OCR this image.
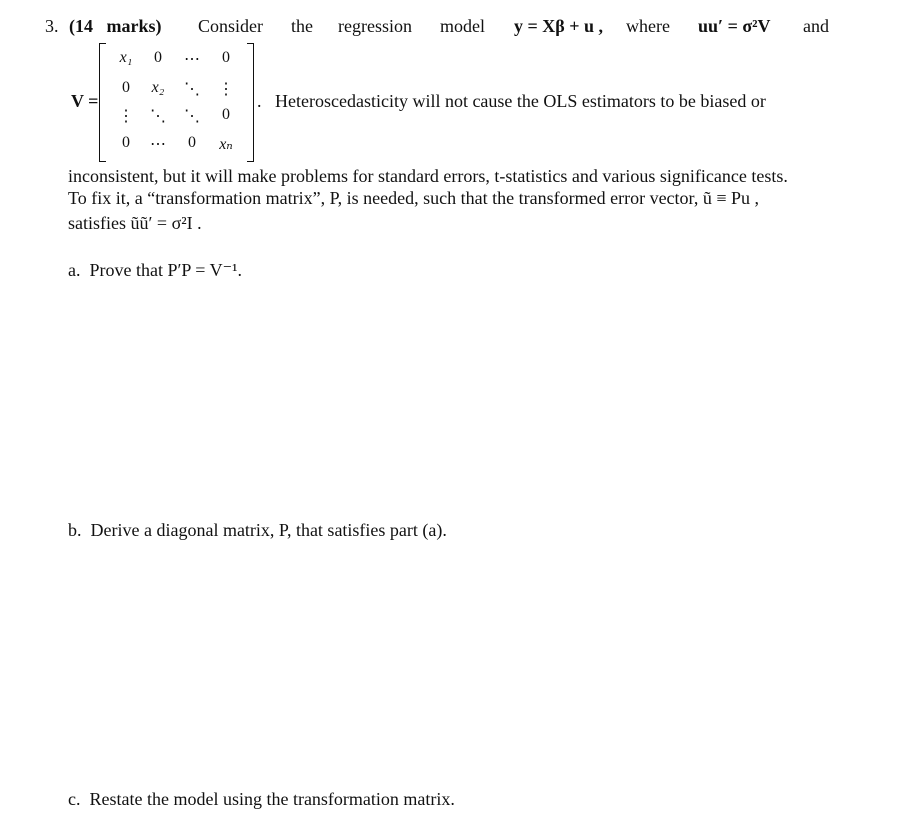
3. (14   marks) Consider the regression model y = Xβ + u , where uu′ = σ²V and
V =
x₁	0	⋯	0
0	x₂	⋱	⋮
⋮	⋱	⋱	0
0	⋯	0	xₙ
.   Heteroscedasticity will not cause the OLS estimators to be biased or
inconsistent, but it will make problems for standard errors, t-statistics and various significance tests.
To fix it, a “transformation matrix”, P, is needed, such that the transformed error vector, ũ ≡ Pu ,
satisfies ũũ′ = σ²I .
a.  Prove that P′P = V⁻¹.
b.  Derive a diagonal matrix, P, that satisfies part (a).
c.  Restate the model using the transformation matrix.
